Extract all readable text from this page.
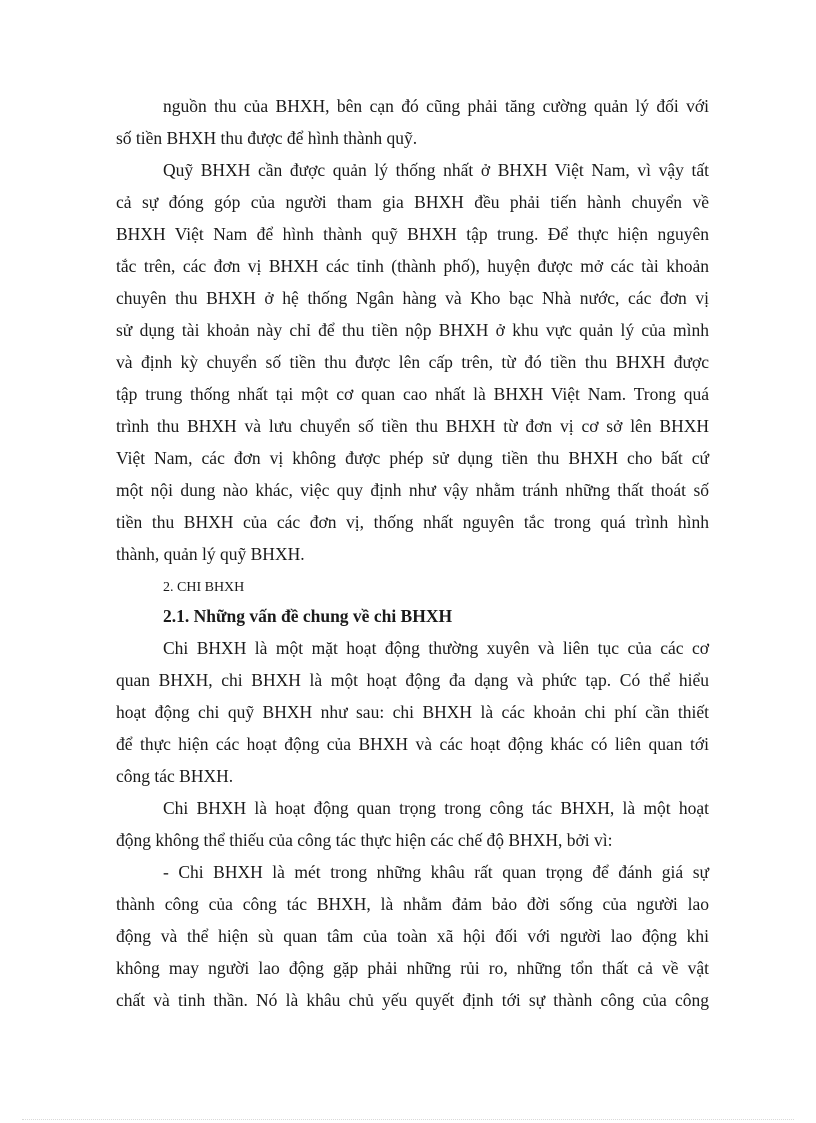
nguồn thu của BHXH, bên cạn đó cũng phải tăng cường quản lý đối với
số tiền BHXH thu được để hình thành quỹ.
Quỹ BHXH cần được quản lý thống nhất ở BHXH Việt Nam, vì vậy tất
cả sự đóng góp của người tham gia BHXH đều phải tiến hành chuyển về
BHXH Việt Nam để hình thành quỹ BHXH tập trung. Để thực hiện nguyên
tắc trên, các đơn vị BHXH các tỉnh (thành phố), huyện được mở các tài khoản
chuyên thu BHXH ở hệ thống Ngân hàng và Kho bạc Nhà nước, các đơn vị
sử dụng tài khoản này chỉ để thu tiền nộp BHXH ở khu vực quản lý của mình
và định kỳ chuyển số tiền thu được lên cấp trên, từ đó tiền thu BHXH được
tập trung thống nhất tại một cơ quan cao nhất là BHXH Việt Nam. Trong quá
trình thu BHXH và lưu chuyển số tiền thu BHXH từ đơn vị cơ sở lên BHXH
Việt Nam, các đơn vị không được phép sử dụng tiền thu BHXH cho bất cứ
một nội dung nào khác, việc quy định như vậy nhằm tránh những thất thoát số
tiền thu BHXH của các đơn vị, thống nhất nguyên tắc trong quá trình hình
thành, quản lý quỹ BHXH.
2. CHI BHXH
2.1. Những vấn đề chung về chi BHXH
Chi BHXH là một mặt hoạt động thường xuyên và liên tục của các cơ
quan BHXH, chi BHXH là một hoạt động đa dạng và phức tạp. Có thể hiểu
hoạt động chi quỹ BHXH như sau: chi BHXH là các khoản chi phí cần thiết
để thực hiện các hoạt động của BHXH và các hoạt động khác có liên quan tới
công tác BHXH.
Chi BHXH là hoạt động quan trọng trong công tác BHXH, là một hoạt
động không thể thiếu của công tác thực hiện các chế độ BHXH, bởi vì:
- Chi BHXH là mét trong những khâu rất quan trọng để đánh giá sự
thành công của công tác BHXH, là nhằm đảm bảo đời sống của người lao
động và thể hiện sù quan tâm của toàn xã hội đối với người lao động khi
không may người lao động gặp phải những rủi ro, những tổn thất cả về vật
chất và tinh thần. Nó là khâu chủ yếu quyết định tới sự thành công của công
